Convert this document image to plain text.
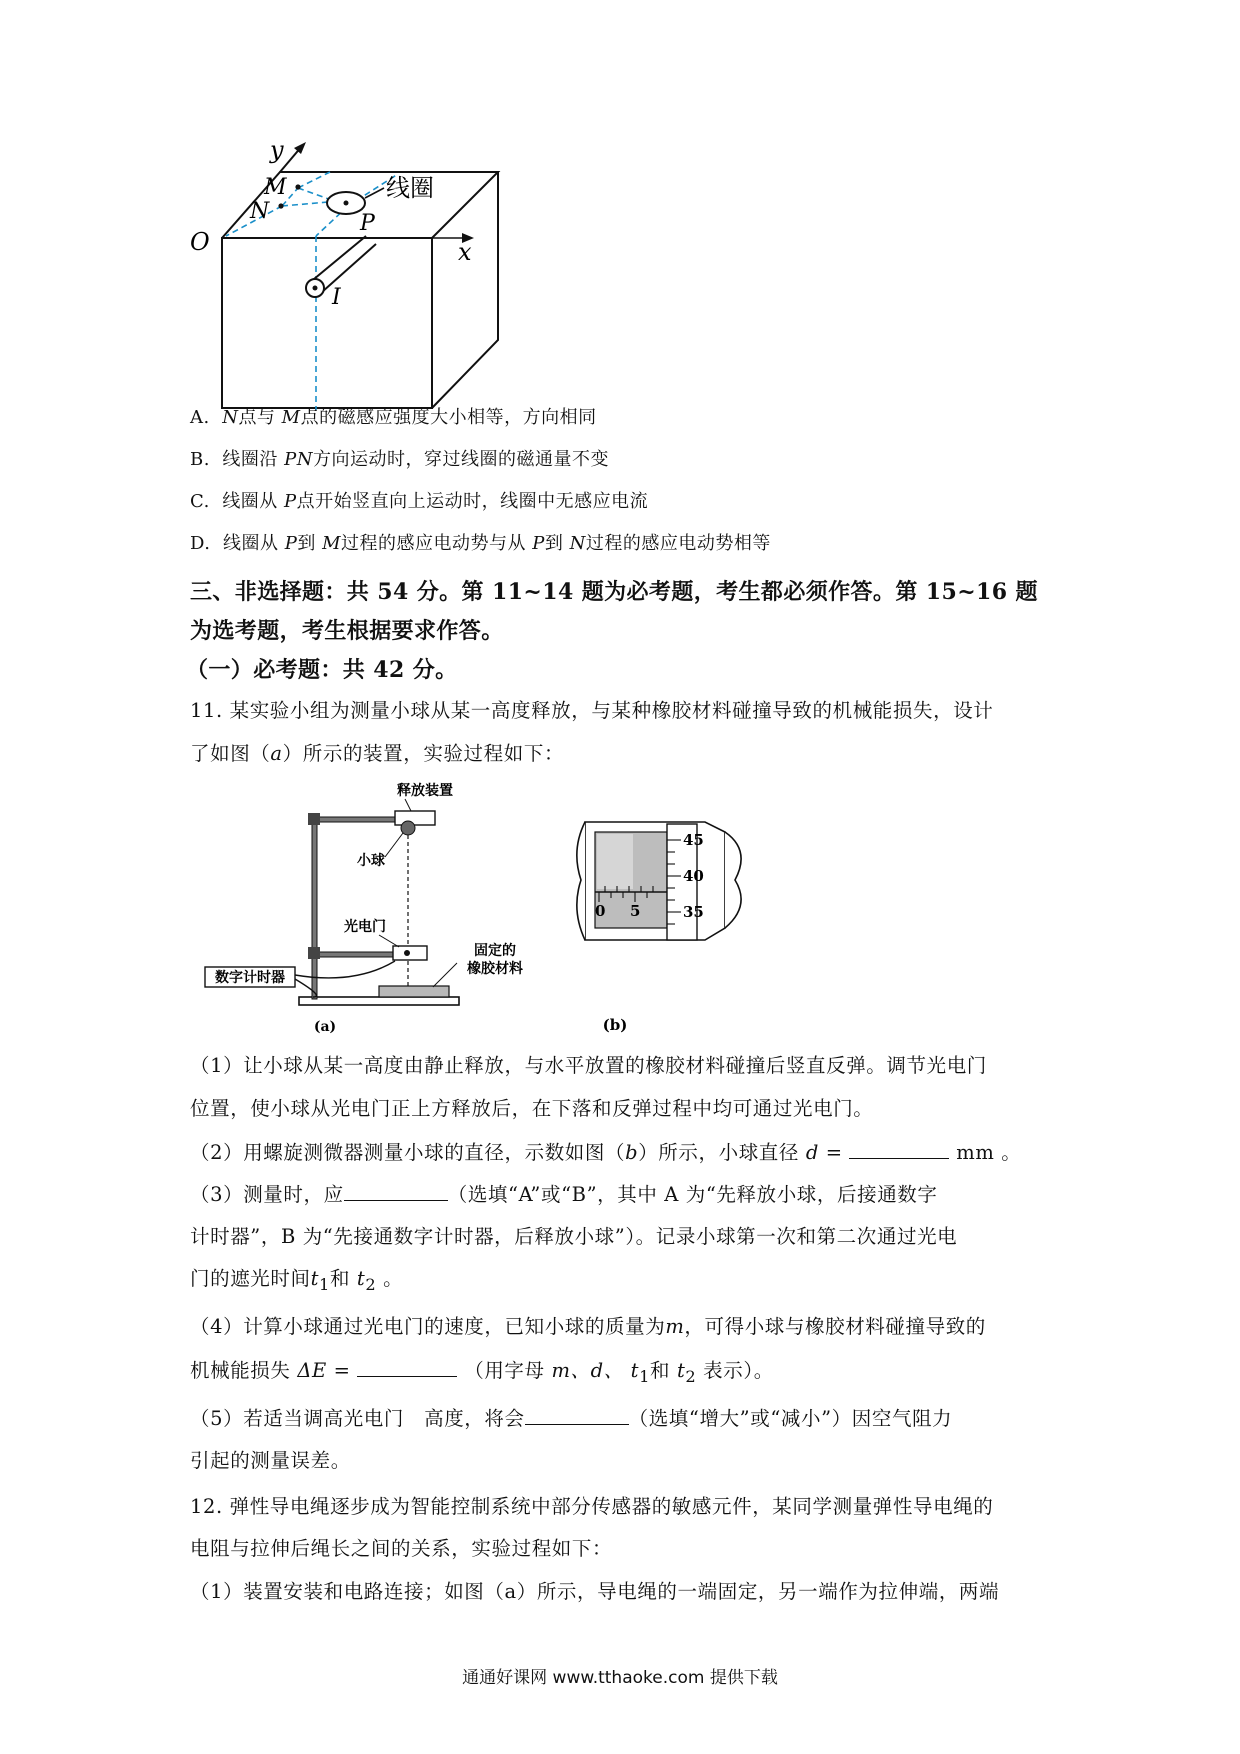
y
x
O
M
N	P
I
线圈
A. N点与 M点的磁感应强度大小相等，方向相同
B. 线圈沿 PN方向运动时，穿过线圈的磁通量不变
C. 线圈从 P点开始竖直向上运动时，线圈中无感应电流
D. 线圈从 P到 M过程的感应电动势与从 P到 N过程的感应电动势相等
三、非选择题：共 54 分。第 11~14 题为必考题，考生都必须作答。第 15~16 题
为选考题，考生根据要求作答。
（一）必考题：共 42 分。
11. 某实验小组为测量小球从某一高度释放，与某种橡胶材料碰撞导致的机械能损失，设计
了如图（a）所示的装置，实验过程如下：
数字计时器
释放装置
小球
光电门
固定的
橡胶材料
(a)
45
40
35
0 5
(b)
（1）让小球从某一高度由静止释放，与水平放置的橡胶材料碰撞后竖直反弹。调节光电门
位置，使小球从光电门正上方释放后，在下落和反弹过程中均可通过光电门。
（2）用螺旋测微器测量小球的直径，示数如图（b）所示，小球直径 d =	mm 。
（3）测量时，应	（选填“A”或“B”，其中 A 为“先释放小球，后接通数字
计时器”，B 为“先接通数字计时器，后释放小球”）。记录小球第一次和第二次通过光电
门的遮光时间$t_1$和 $t_2$ 。
（4）计算小球通过光电门的速度，已知小球的质量为m，可得小球与橡胶材料碰撞导致的
机械能损失 ΔE =	（用字母 m、d、 $t_1$和 $t_2$ 表示）。
（5）若适当调高光电门　高度，将会	（选填“增大”或“减小”）因空气阻力
引起的测量误差。
12. 弹性导电绳逐步成为智能控制系统中部分传感器的敏感元件，某同学测量弹性导电绳的
电阻与拉伸后绳长之间的关系，实验过程如下：
（1）装置安装和电路连接；如图（a）所示，导电绳的一端固定，另一端作为拉伸端，两端
通通好课网 www.tthaoke.com 提供下载
